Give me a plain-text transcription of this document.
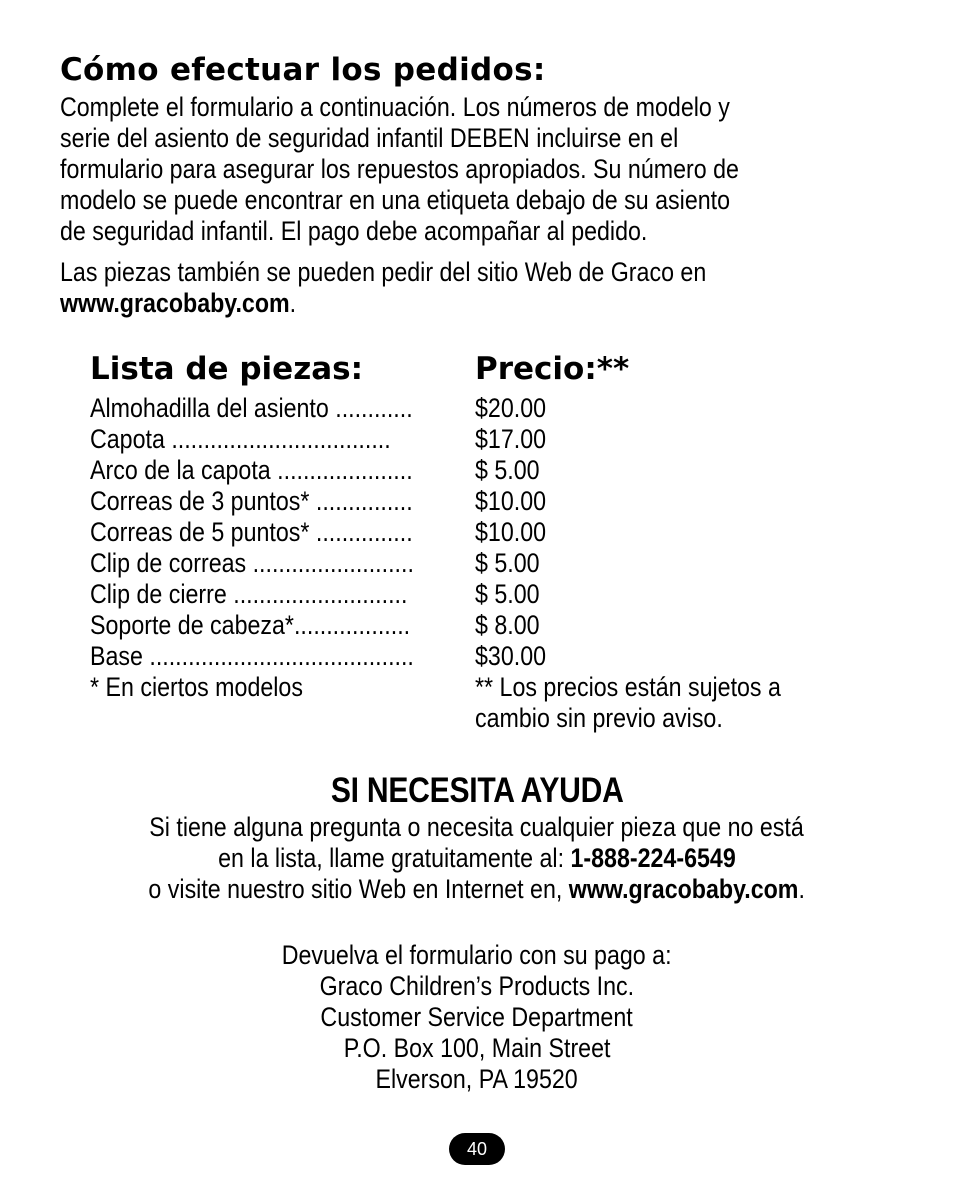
Cómo efectuar los pedidos:
Complete el formulario a continuación. Los números de modelo y
serie del asiento de seguridad infantil DEBEN incluirse en el
formulario para asegurar los repuestos apropiados. Su número de
modelo se puede encontrar en una etiqueta debajo de su asiento
de seguridad infantil. El pago debe acompañar al pedido.
Las piezas también se pueden pedir del sitio Web de Graco en
www.gracobaby.com.
Lista de piezas:	Precio:**
Almohadilla del asiento ............	$20.00
Capota ..................................	$17.00
Arco de la capota .....................	$ 5.00
Correas de 3 puntos* ...............	$10.00
Correas de 5 puntos* ...............	$10.00
Clip de correas .........................	$ 5.00
Clip de cierre ...........................	$ 5.00
Soporte de cabeza*..................	$ 8.00
Base .........................................	$30.00
* En ciertos modelos	** Los precios están sujetos a
cambio sin previo aviso.
SI NECESITA AYUDA

Si tiene alguna pregunta o necesita cualquier pieza que no está

en la lista, llame gratuitamente al: 1-888-224-6549

o visite nuestro sitio Web en Internet en, www.gracobaby.com.

Devuelva el formulario con su pago a:

Graco Children’s Products Inc.

Customer Service Department

P.O. Box 100, Main Street

Elverson, PA 19520

40
